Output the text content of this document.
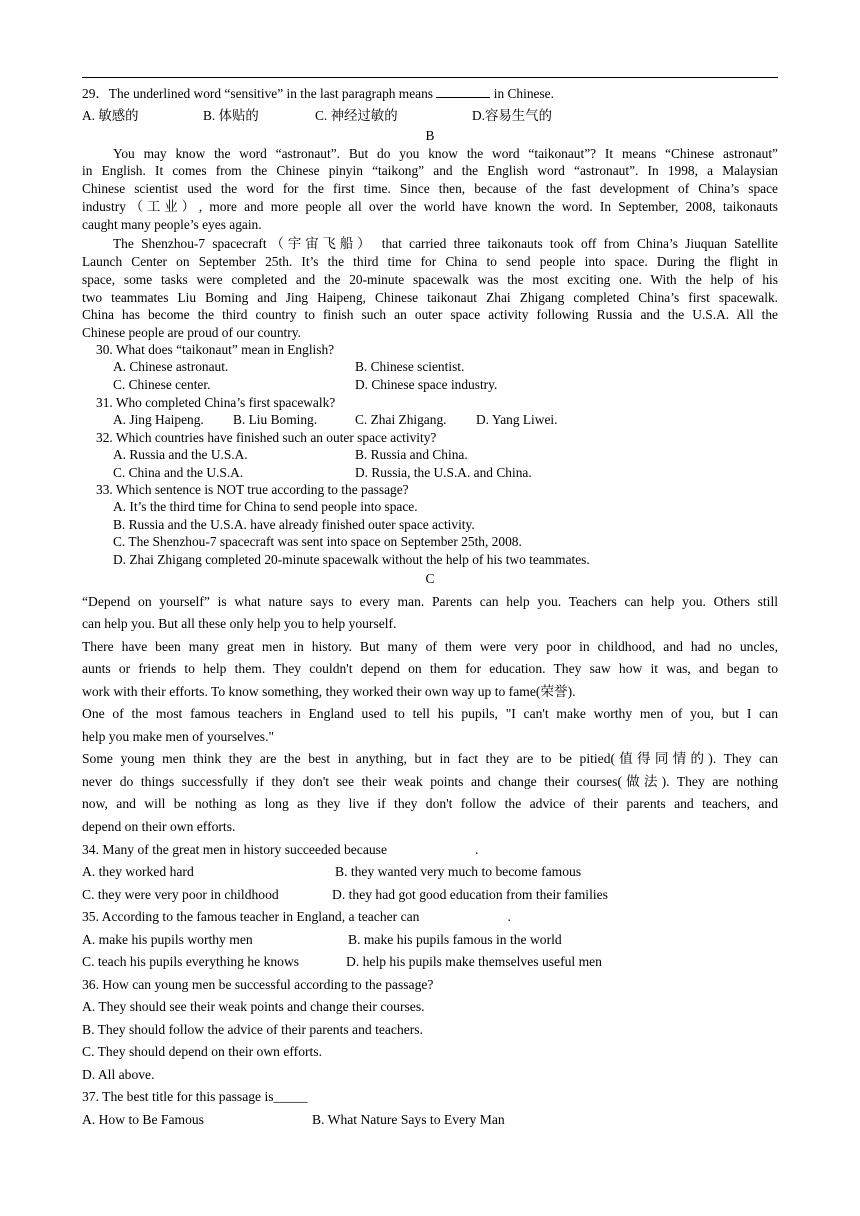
29．The underlined word “sensitive” in the last paragraph means	in Chinese.
A. 敏感的	B. 体贴的	C. 神经过敏的	D.容易生气的
B
You may know the word “astronaut”. But do you know the word “taikonaut”? It means “Chinese astronaut”
in English. It comes from the Chinese pinyin “taikong” and the English word “astronaut”. In 1998, a Malaysian
Chinese scientist used the word for the first time. Since then, because of the fast development of China’s space
industry（工业）, more and more people all over the world have known the word. In September, 2008, taikonauts
caught many people’s eyes again.
The Shenzhou-7 spacecraft（宇宙飞船） that carried three taikonauts took off from China’s Jiuquan Satellite
Launch Center on September 25th. It’s the third time for China to send people into space. During the flight in
space, some tasks were completed and the 20-minute spacewalk was the most exciting one. With the help of his
two teammates Liu Boming and Jing Haipeng, Chinese taikonaut Zhai Zhigang completed China’s first spacewalk.
China has become the third country to finish such an outer space activity following Russia and the U.S.A. All the
Chinese people are proud of our country.
30. What does “taikonaut” mean in English?
A. Chinese astronaut.	B. Chinese scientist.
C. Chinese center.	D. Chinese space industry.
31. Who completed China’s first spacewalk?
A. Jing Haipeng. B. Liu Boming.	C. Zhai Zhigang. D. Yang Liwei.
32. Which countries have finished such an outer space activity?
A. Russia and the U.S.A.	B. Russia and China.
C. China and the U.S.A.	D. Russia, the U.S.A. and China.
33. Which sentence is NOT true according to the passage?
A. It’s the third time for China to send people into space.
B. Russia and the U.S.A. have already finished outer space activity.
C. The Shenzhou-7 spacecraft was sent into space on September 25th, 2008.
D. Zhai Zhigang completed 20-minute spacewalk without the help of his two teammates.
C
“Depend on yourself” is what nature says to every man. Parents can help you. Teachers can help you. Others still
can help you. But all these only help you to help yourself.
There have been many great men in history. But many of them were very poor in childhood, and had no uncles,
aunts or friends to help them. They couldn't depend on them for education. They saw how it was, and began to
work with their efforts. To know something, they worked their own way up to fame(荣誉).
One of the most famous teachers in England used to tell his pupils, "I can't make worthy men of you, but I can
help you make men of yourselves."
Some young men think they are the best in anything, but in fact they are to be pitied(值得同情的). They can
never do things successfully if they don't see their weak points and change their courses(做法). They are nothing
now, and will be nothing as long as they live if they don't follow the advice of their parents and teachers, and
depend on their own efforts.
34. Many of the great men in history succeeded because	.
A. they worked hard	B. they wanted very much to become famous
C. they were very poor in childhood	D. they had got good education from their families
35. According to the famous teacher in England, a teacher can	.
A. make his pupils worthy men	B. make his pupils famous in the world
C. teach his pupils everything he knows	D. help his pupils make themselves useful men
36. How can young men be successful according to the passage?
A. They should see their weak points and change their courses.
B. They should follow the advice of their parents and teachers.
C. They should depend on their own efforts.
D. All above.
37. The best title for this passage is_____
A. How to Be Famous	B. What Nature Says to Every Man
